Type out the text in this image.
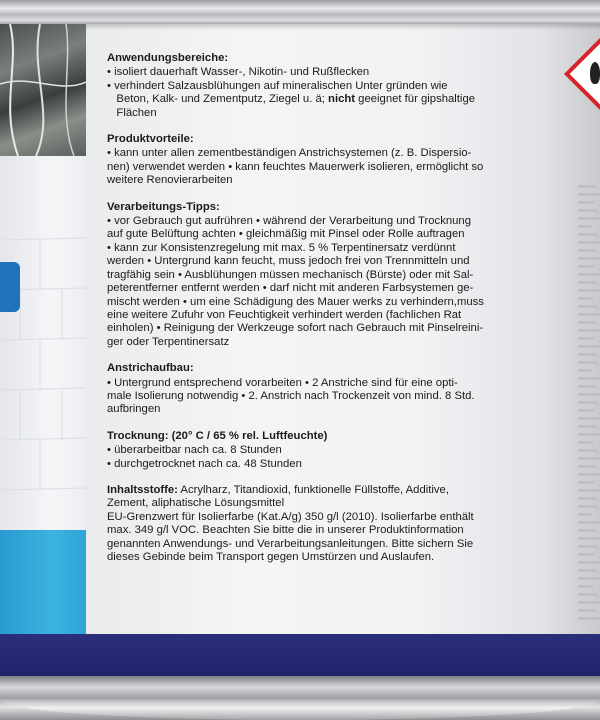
Anwendungsbereiche:
• isoliert dauerhaft Wasser-, Nikotin- und Rußflecken
• verhindert Salzausblühungen auf mineralischen Unter gründen wie
Beton, Kalk- und Zementputz, Ziegel u. ä; nicht geeignet für gipshaltige
Flächen
Produktvorteile:
• kann unter allen zementbeständigen Anstrichsystemen (z. B. Dispersio-
nen) verwendet werden • kann feuchtes Mauerwerk isolieren, ermöglicht so
weitere Renovierarbeiten
Verarbeitungs-Tipps:
• vor Gebrauch gut aufrühren • während der Verarbeitung und Trocknung
auf gute Belüftung achten • gleichmäßig mit Pinsel oder Rolle auftragen
• kann zur Konsistenzregelung mit max. 5 % Terpentinersatz verdünnt
werden • Untergrund kann feucht, muss jedoch frei von Trennmitteln und
tragfähig sein • Ausblühungen müssen mechanisch (Bürste) oder mit Sal-
peterentferner entfernt werden • darf nicht mit anderen Farbsystemen ge-
mischt werden • um eine Schädigung des Mauer werks zu verhindern,muss
eine weitere Zufuhr von Feuchtigkeit verhindert werden (fachlichen Rat
einholen) • Reinigung der Werkzeuge sofort nach Gebrauch mit Pinselreini-
ger oder Terpentinersatz
Anstrichaufbau:
• Untergrund entsprechend vorarbeiten • 2 Anstriche sind für eine opti-
male Isolierung notwendig • 2. Anstrich nach Trockenzeit von mind. 8 Std.
aufbringen
Trocknung: (20° C / 65 % rel. Luftfeuchte)
• überarbeitbar nach ca. 8 Stunden
• durchgetrocknet nach ca. 48 Stunden
Inhaltsstoffe: Acrylharz, Titandioxid, funktionelle Füllstoffe, Additive,
Zement, aliphatische Lösungsmittel
EU-Grenzwert für Isolierfarbe (Kat.A/g) 350 g/l (2010). Isolierfarbe enthält
max. 349 g/l VOC. Beachten Sie bitte die in unserer Produktinformation
genannten Anwendungs- und Verarbeitungsanleitungen. Bitte sichern Sie
dieses Gebinde beim Transport gegen Umstürzen und Auslaufen.
